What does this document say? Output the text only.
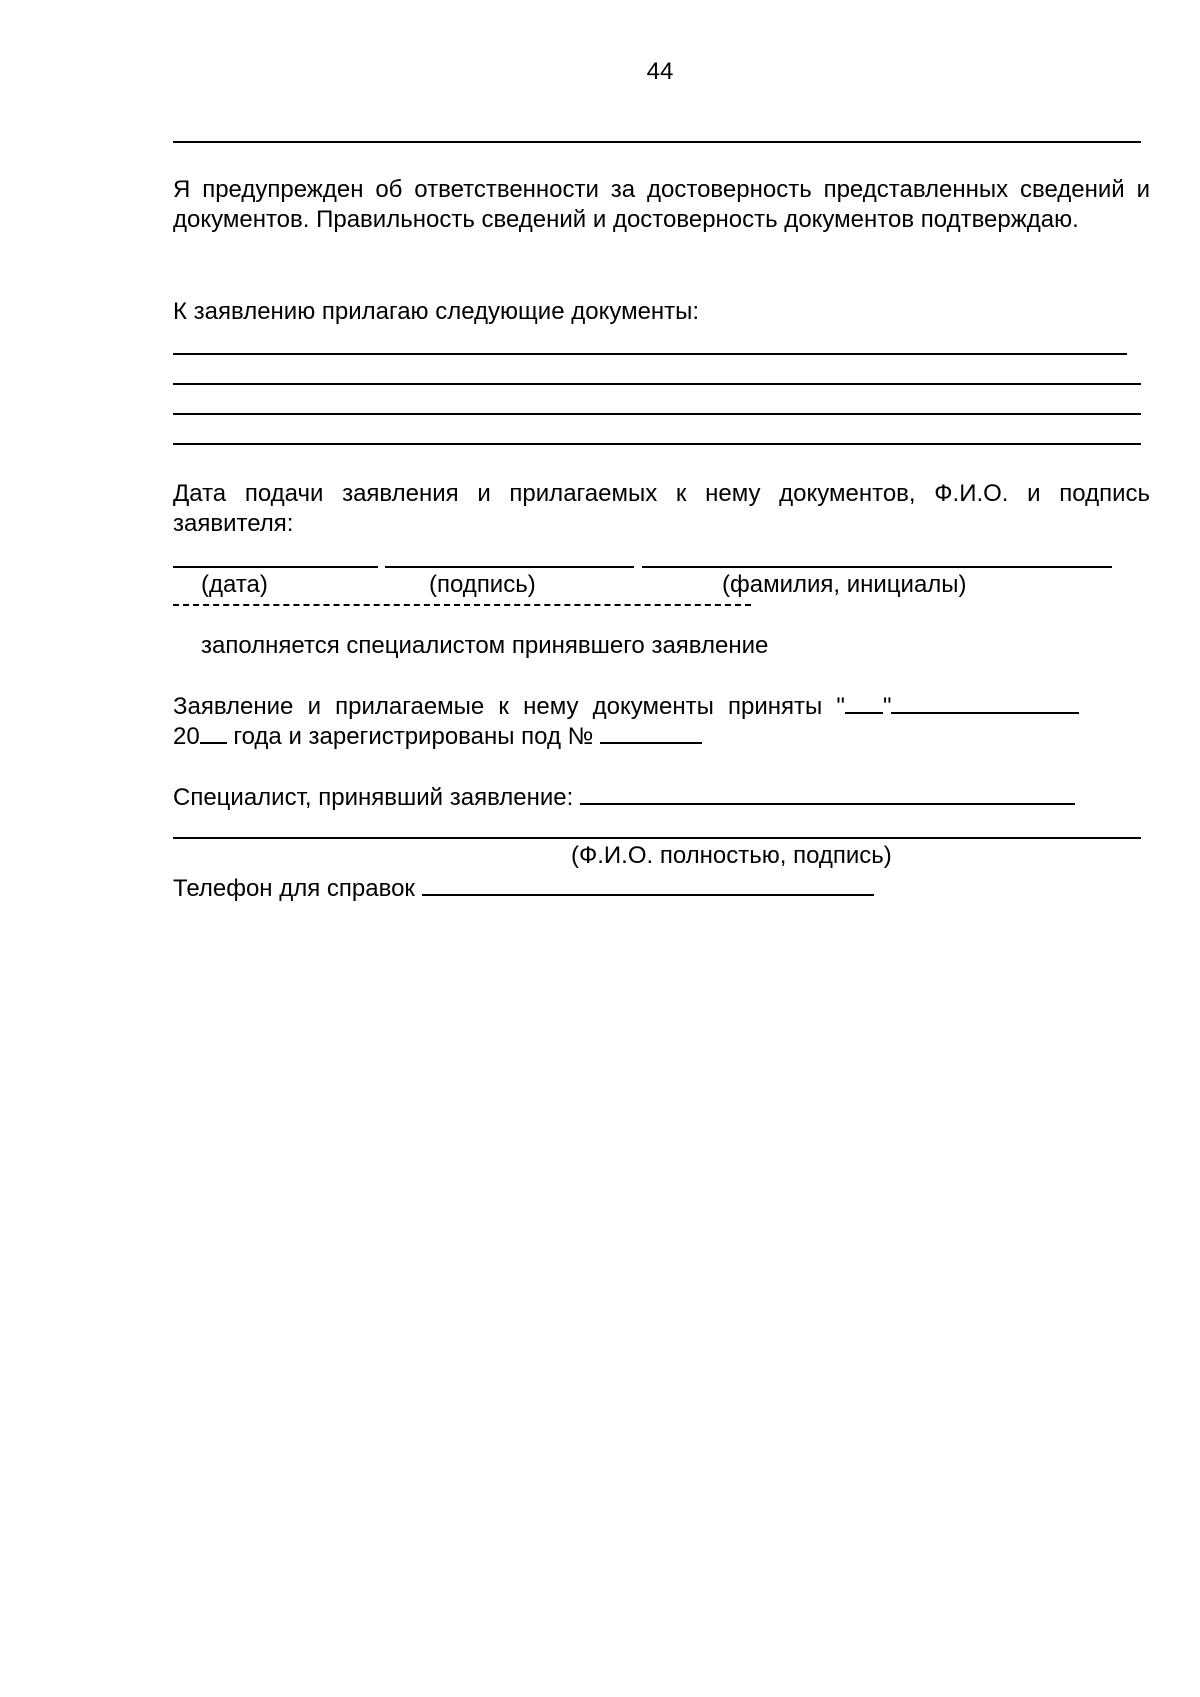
44
Я предупрежден об ответственности за достоверность представленных сведений и документов. Правильность сведений и достоверность документов подтверждаю.
К заявлению прилагаю следующие документы:
Дата подачи заявления и прилагаемых к нему документов, Ф.И.О. и подпись заявителя:
(дата)	(подпись)	(фамилия, инициалы)
заполняется специалистом принявшего заявление
Заявление и прилагаемые к нему документы приняты " "
20 года и зарегистрированы под №
Специалист, принявший заявление:
(Ф.И.О. полностью, подпись)
Телефон для справок
